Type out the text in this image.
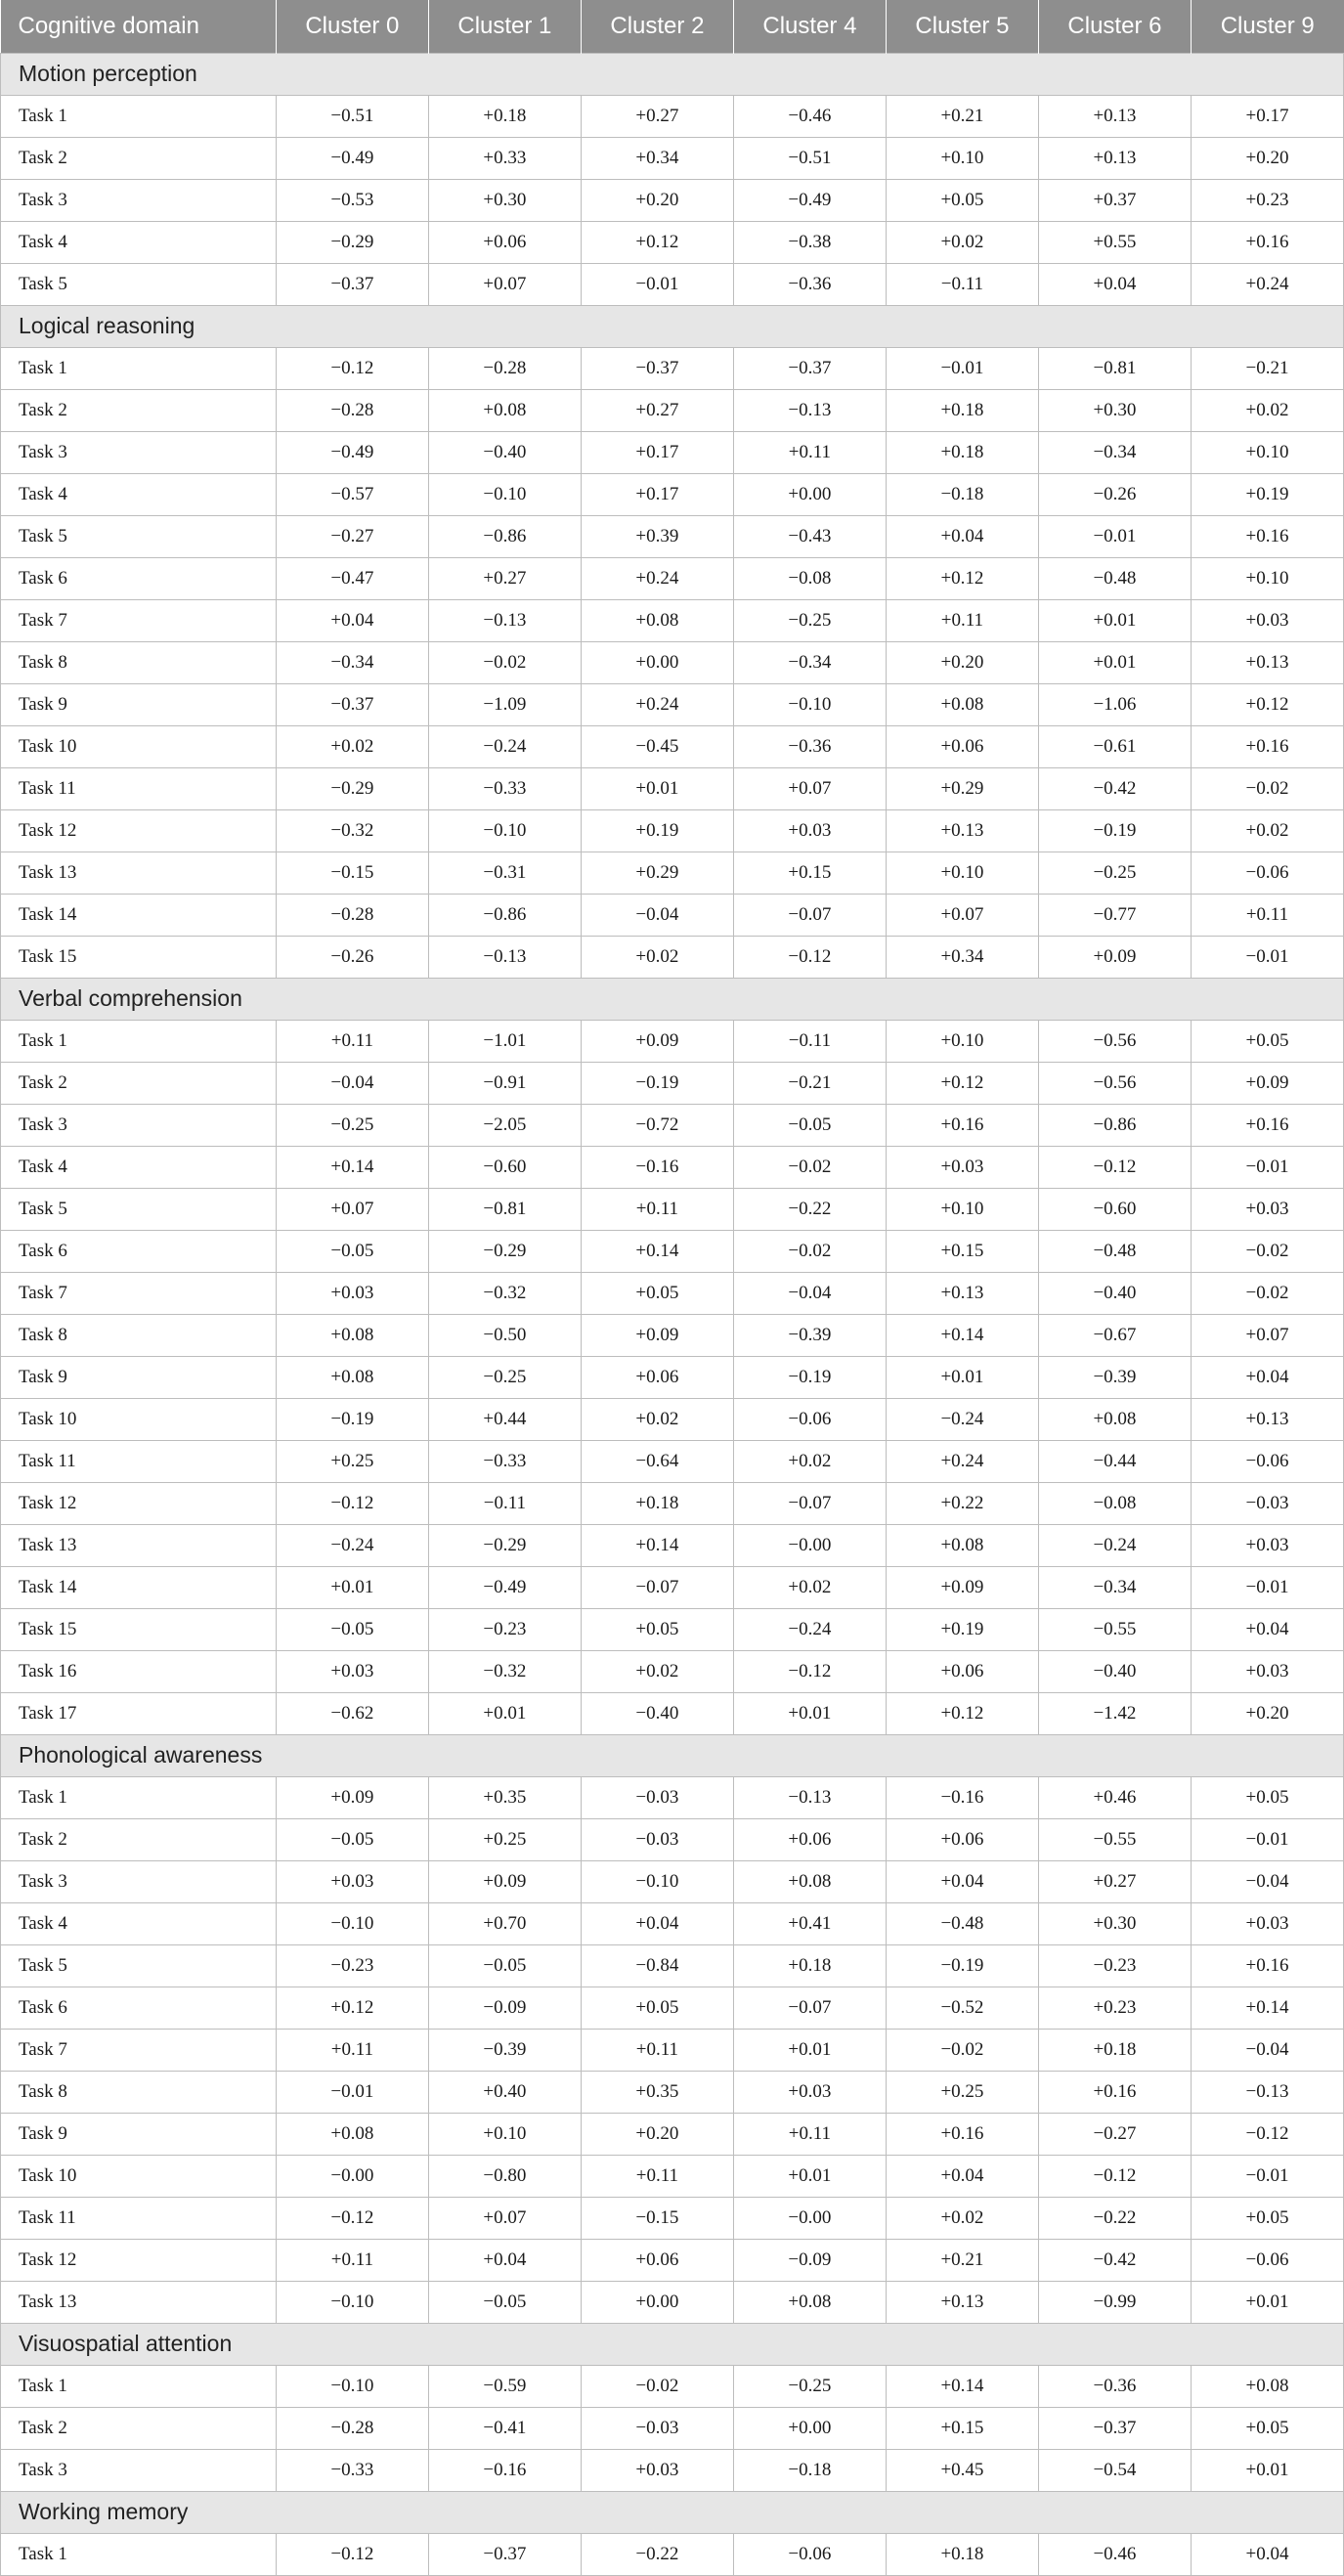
Cognitive domain	Cluster 0	Cluster 1	Cluster 2	Cluster 4	Cluster 5	Cluster 6	Cluster 9
Motion perception							
Task 1	−0.51	+0.18	+0.27	−0.46	+0.21	+0.13	+0.17
Task 2	−0.49	+0.33	+0.34	−0.51	+0.10	+0.13	+0.20
Task 3	−0.53	+0.30	+0.20	−0.49	+0.05	+0.37	+0.23
Task 4	−0.29	+0.06	+0.12	−0.38	+0.02	+0.55	+0.16
Task 5	−0.37	+0.07	−0.01	−0.36	−0.11	+0.04	+0.24
Logical reasoning							
Task 1	−0.12	−0.28	−0.37	−0.37	−0.01	−0.81	−0.21
Task 2	−0.28	+0.08	+0.27	−0.13	+0.18	+0.30	+0.02
Task 3	−0.49	−0.40	+0.17	+0.11	+0.18	−0.34	+0.10
Task 4	−0.57	−0.10	+0.17	+0.00	−0.18	−0.26	+0.19
Task 5	−0.27	−0.86	+0.39	−0.43	+0.04	−0.01	+0.16
Task 6	−0.47	+0.27	+0.24	−0.08	+0.12	−0.48	+0.10
Task 7	+0.04	−0.13	+0.08	−0.25	+0.11	+0.01	+0.03
Task 8	−0.34	−0.02	+0.00	−0.34	+0.20	+0.01	+0.13
Task 9	−0.37	−1.09	+0.24	−0.10	+0.08	−1.06	+0.12
Task 10	+0.02	−0.24	−0.45	−0.36	+0.06	−0.61	+0.16
Task 11	−0.29	−0.33	+0.01	+0.07	+0.29	−0.42	−0.02
Task 12	−0.32	−0.10	+0.19	+0.03	+0.13	−0.19	+0.02
Task 13	−0.15	−0.31	+0.29	+0.15	+0.10	−0.25	−0.06
Task 14	−0.28	−0.86	−0.04	−0.07	+0.07	−0.77	+0.11
Task 15	−0.26	−0.13	+0.02	−0.12	+0.34	+0.09	−0.01
Verbal comprehension							
Task 1	+0.11	−1.01	+0.09	−0.11	+0.10	−0.56	+0.05
Task 2	−0.04	−0.91	−0.19	−0.21	+0.12	−0.56	+0.09
Task 3	−0.25	−2.05	−0.72	−0.05	+0.16	−0.86	+0.16
Task 4	+0.14	−0.60	−0.16	−0.02	+0.03	−0.12	−0.01
Task 5	+0.07	−0.81	+0.11	−0.22	+0.10	−0.60	+0.03
Task 6	−0.05	−0.29	+0.14	−0.02	+0.15	−0.48	−0.02
Task 7	+0.03	−0.32	+0.05	−0.04	+0.13	−0.40	−0.02
Task 8	+0.08	−0.50	+0.09	−0.39	+0.14	−0.67	+0.07
Task 9	+0.08	−0.25	+0.06	−0.19	+0.01	−0.39	+0.04
Task 10	−0.19	+0.44	+0.02	−0.06	−0.24	+0.08	+0.13
Task 11	+0.25	−0.33	−0.64	+0.02	+0.24	−0.44	−0.06
Task 12	−0.12	−0.11	+0.18	−0.07	+0.22	−0.08	−0.03
Task 13	−0.24	−0.29	+0.14	−0.00	+0.08	−0.24	+0.03
Task 14	+0.01	−0.49	−0.07	+0.02	+0.09	−0.34	−0.01
Task 15	−0.05	−0.23	+0.05	−0.24	+0.19	−0.55	+0.04
Task 16	+0.03	−0.32	+0.02	−0.12	+0.06	−0.40	+0.03
Task 17	−0.62	+0.01	−0.40	+0.01	+0.12	−1.42	+0.20
Phonological awareness							
Task 1	+0.09	+0.35	−0.03	−0.13	−0.16	+0.46	+0.05
Task 2	−0.05	+0.25	−0.03	+0.06	+0.06	−0.55	−0.01
Task 3	+0.03	+0.09	−0.10	+0.08	+0.04	+0.27	−0.04
Task 4	−0.10	+0.70	+0.04	+0.41	−0.48	+0.30	+0.03
Task 5	−0.23	−0.05	−0.84	+0.18	−0.19	−0.23	+0.16
Task 6	+0.12	−0.09	+0.05	−0.07	−0.52	+0.23	+0.14
Task 7	+0.11	−0.39	+0.11	+0.01	−0.02	+0.18	−0.04
Task 8	−0.01	+0.40	+0.35	+0.03	+0.25	+0.16	−0.13
Task 9	+0.08	+0.10	+0.20	+0.11	+0.16	−0.27	−0.12
Task 10	−0.00	−0.80	+0.11	+0.01	+0.04	−0.12	−0.01
Task 11	−0.12	+0.07	−0.15	−0.00	+0.02	−0.22	+0.05
Task 12	+0.11	+0.04	+0.06	−0.09	+0.21	−0.42	−0.06
Task 13	−0.10	−0.05	+0.00	+0.08	+0.13	−0.99	+0.01
Visuospatial attention							
Task 1	−0.10	−0.59	−0.02	−0.25	+0.14	−0.36	+0.08
Task 2	−0.28	−0.41	−0.03	+0.00	+0.15	−0.37	+0.05
Task 3	−0.33	−0.16	+0.03	−0.18	+0.45	−0.54	+0.01
Working memory							
Task 1	−0.12	−0.37	−0.22	−0.06	+0.18	−0.46	+0.04
